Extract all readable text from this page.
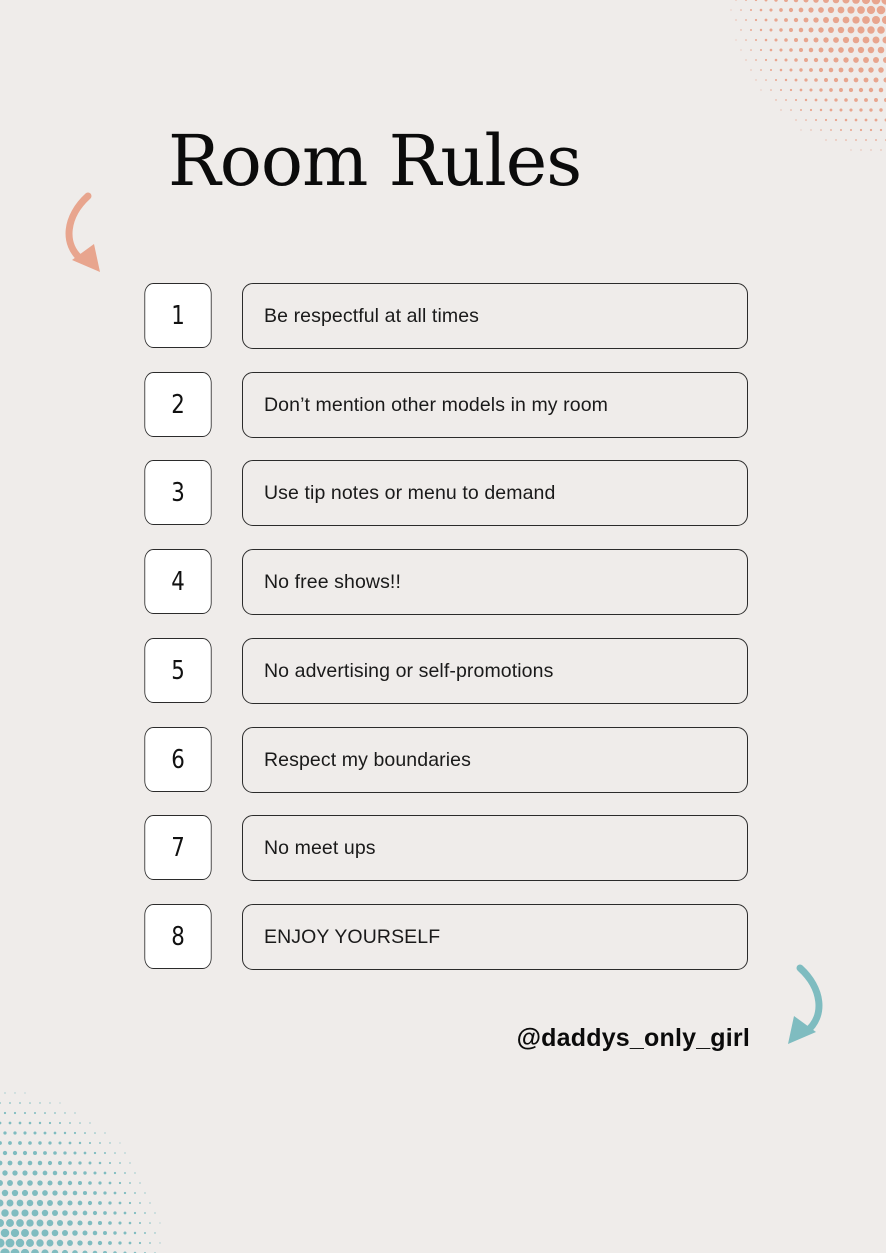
Room Rules
1	Be respectful at all times
2	Don’t mention other models in my room
3	Use tip notes or menu to demand
4	No free shows!!
5	No advertising or self-promotions
6	Respect my boundaries
7	No meet ups
8	ENJOY YOURSELF
@daddys_only_girl
